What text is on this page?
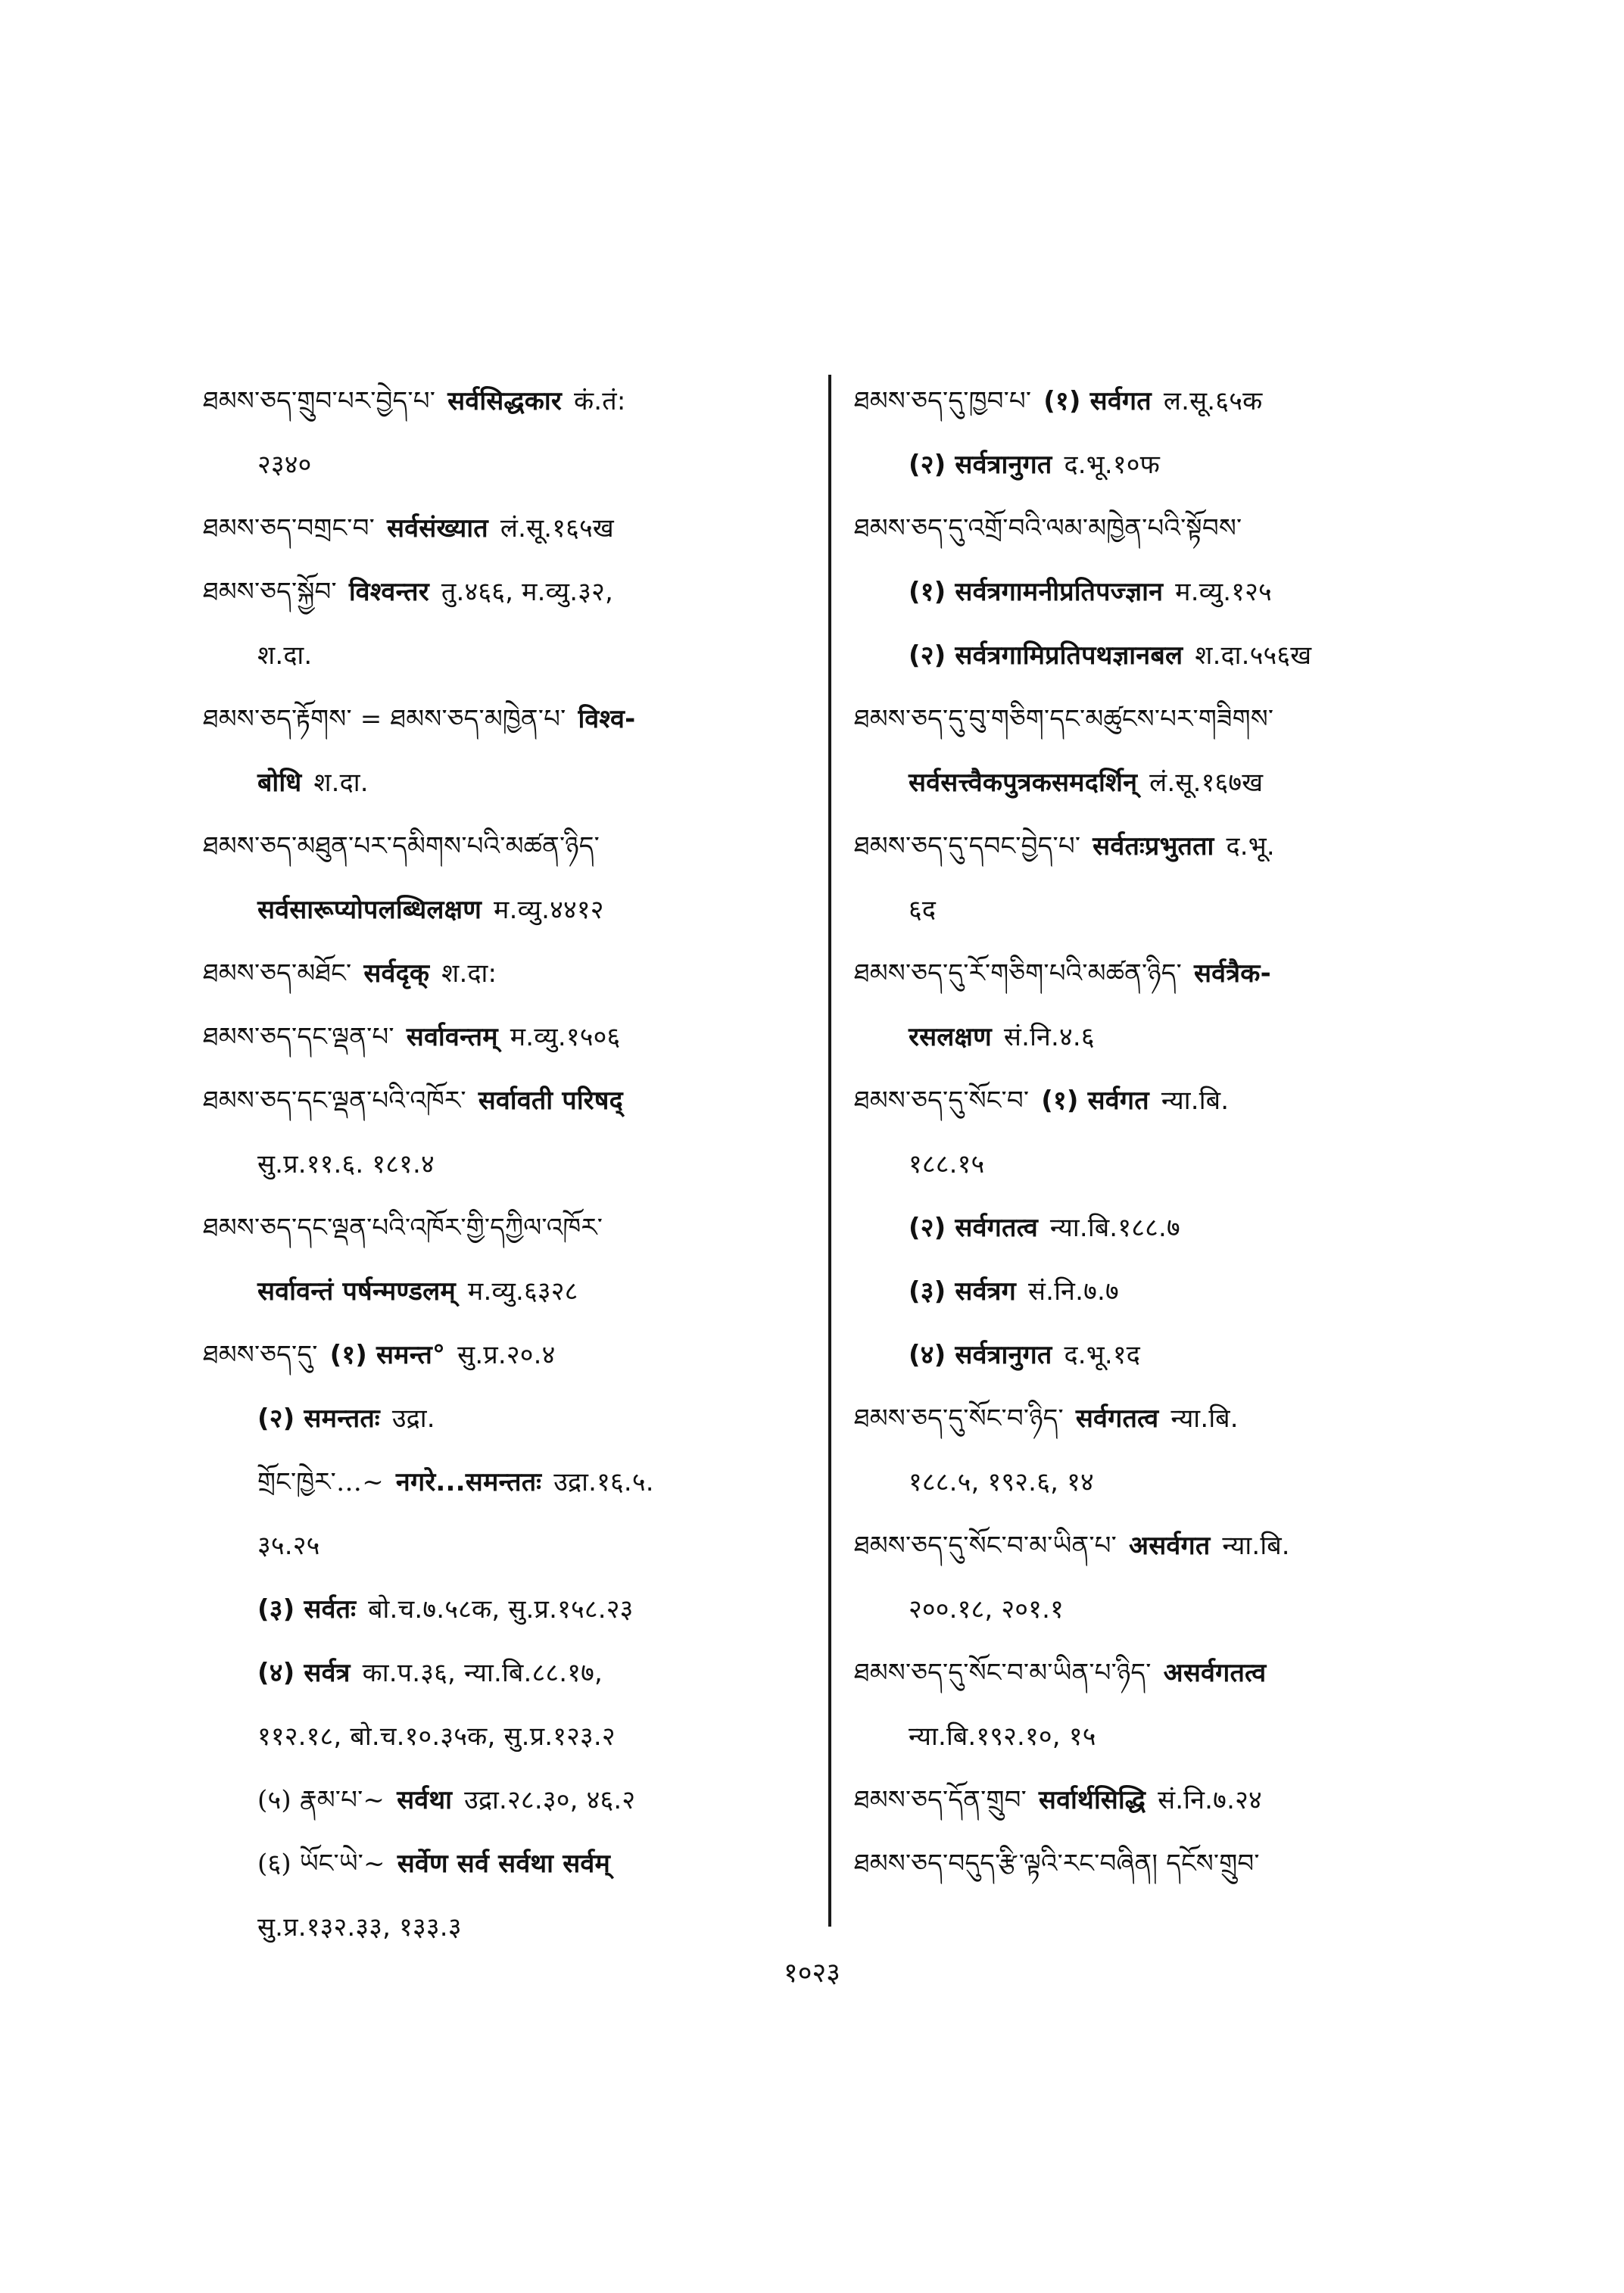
ཐམས་ཅད་གྲུབ་པར་བྱེད་པ་ सर्वसिद्धकार कं.तं:
२३४०
ཐམས་ཅད་བགྲང་བ་ सर्वसंख्यात लं.सू.१६५ख
ཐམས་ཅད་སྐྱོབ་ विश्वन्तर तु.४६६, म.व्यु.३२,
श.दा.
ཐམས་ཅད་རྟོགས་ = ཐམས་ཅད་མཁྱེན་པ་ विश्व-
बोधि श.दा.
ཐམས་ཅད་མཐུན་པར་དམིགས་པའི་མཚན་ཉིད་
सर्वसारूप्योपलब्धिलक्षण म.व्यु.४४१२
ཐམས་ཅད་མཐོང་ सर्वदृक् श.दा:
ཐམས་ཅད་དང་ལྡན་པ་ सर्वावन्तम् म.व्यु.१५०६
ཐམས་ཅད་དང་ལྡན་པའི་འཁོར་ सर्वावती परिषद्
सु.प्र.११.६. १८१.४
ཐམས་ཅད་དང་ལྡན་པའི་འཁོར་གྱི་དཀྱིལ་འཁོར་
सर्वावन्तं पर्षन्मण्डलम् म.व्यु.६३२८
ཐམས་ཅད་དུ་ (१) समन्त° सु.प्र.२०.४
(२) समन्ततः उद्रा.
གྲོང་ཁྱེར་…~ नगरे...समन्ततः उद्रा.१६.५.
३५.२५
(३) सर्वतः बो.च.७.५८क, सु.प्र.१५८.२३
(४) सर्वत्र का.प.३६, न्या.बि.८८.१७,
११२.१८, बो.च.१०.३५क, सु.प्र.१२३.२
(५) རྣམ་པ་~ सर्वथा उद्रा.२८.३०, ४६.२
(६) ཡོང་ཡེ་~ सर्वेण सर्व सर्वथा सर्वम्
सु.प्र.१३२.३३, १३३.३
ཐམས་ཅད་དུ་ཁྱབ་པ་ (१) सर्वगत ल.सू.६५क
(२) सर्वत्रानुगत द.भू.१०फ
ཐམས་ཅད་དུ་འགྲོ་བའི་ལམ་མཁྱེན་པའི་སྟོབས་
(१) सर्वत्रगामनीप्रतिपज्ज्ञान म.व्यु.१२५
(२) सर्वत्रगामिप्रतिपथज्ञानबल श.दा.५५६ख
ཐམས་ཅད་དུ་བུ་གཅིག་དང་མཚུངས་པར་གཟིགས་
सर्वसत्त्वैकपुत्रकसमदर्शिन् लं.सू.१६७ख
ཐམས་ཅད་དུ་དབང་བྱེད་པ་ सर्वतःप्रभुतता द.भू.
६द
ཐམས་ཅད་དུ་རོ་གཅིག་པའི་མཚན་ཉིད་ सर्वत्रैक-
रसलक्षण सं.नि.४.६
ཐམས་ཅད་དུ་སོང་བ་ (१) सर्वगत न्या.बि.
१८८.१५
(२) सर्वगतत्व न्या.बि.१८८.७
(३) सर्वत्रग सं.नि.७.७
(४) सर्वत्रानुगत द.भू.१द
ཐམས་ཅད་དུ་སོང་བ་ཉིད་ सर्वगतत्व न्या.बि.
१८८.५, १९२.६, १४
ཐམས་ཅད་དུ་སོང་བ་མ་ཡིན་པ་ असर्वगत न्या.बि.
२००.१८, २०१.१
ཐམས་ཅད་དུ་སོང་བ་མ་ཡིན་པ་ཉིད་ असर्वगतत्व
न्या.बि.१९२.१०, १५
ཐམས་ཅད་དོན་གྲུབ་ सर्वार्थसिद्धि सं.नि.७.२४
ཐམས་ཅད་བདུད་རྩི་ལྟའི་རང་བཞིན། དངོས་གྲུབ་
१०२३
